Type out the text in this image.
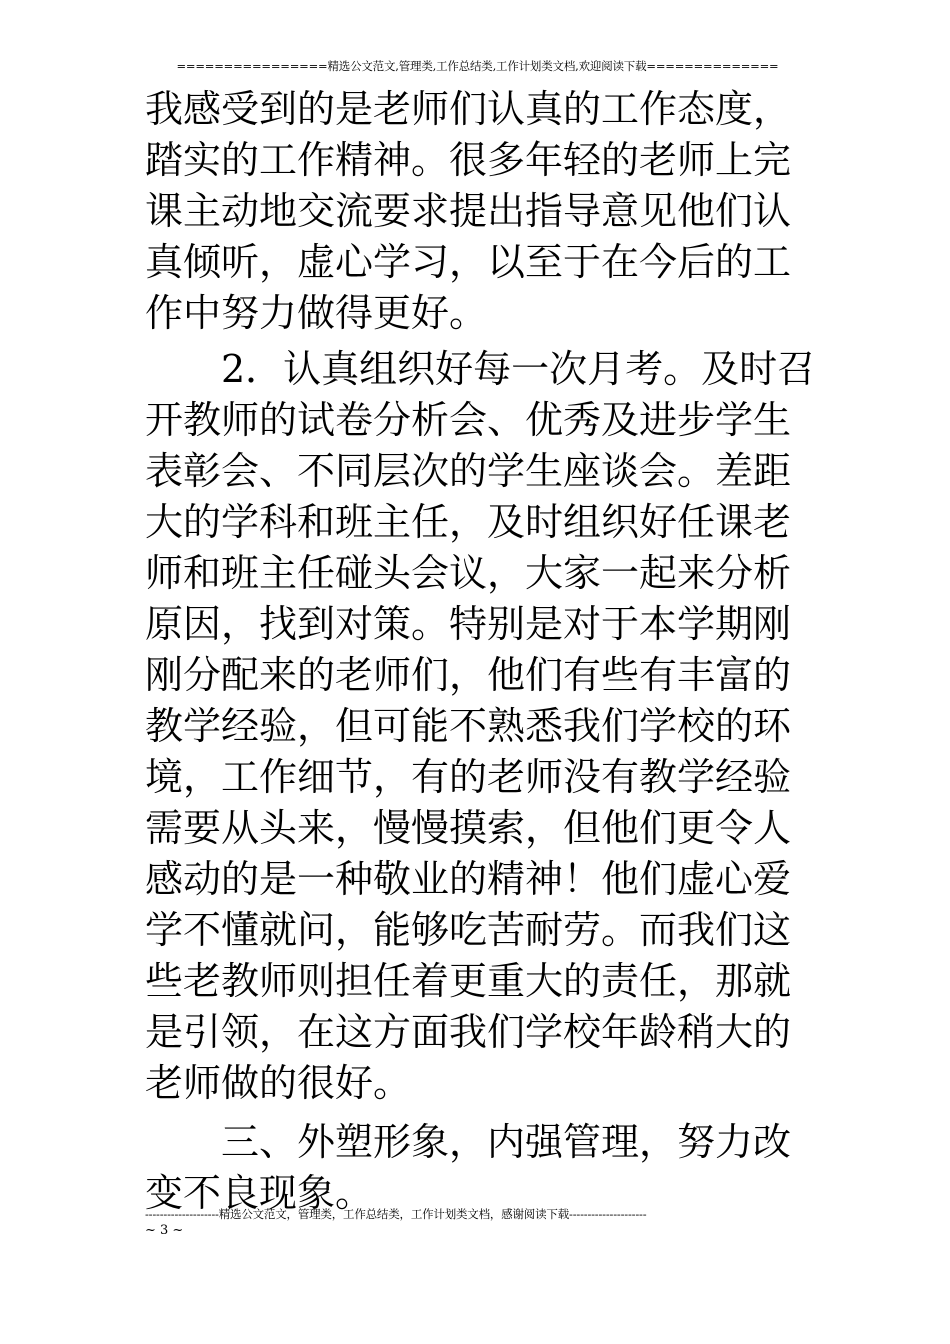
================精选公文范文,管理类,工作总结类,工作计划类文档,欢迎阅读下载==============
我感受到的是老师们认真的工作态度，
踏实的工作精神。很多年轻的老师上完
课主动地交流要求提出指导意见他们认
真倾听，虚心学习，以至于在今后的工
作中努力做得更好。
　　2．认真组织好每一次月考。及时召
开教师的试卷分析会、优秀及进步学生
表彰会、不同层次的学生座谈会。差距
大的学科和班主任，及时组织好任课老
师和班主任碰头会议，大家一起来分析
原因，找到对策。特别是对于本学期刚
刚分配来的老师们，他们有些有丰富的
教学经验，但可能不熟悉我们学校的环
境，工作细节，有的老师没有教学经验
需要从头来，慢慢摸索，但他们更令人
感动的是一种敬业的精神！他们虚心爱
学不懂就问，能够吃苦耐劳。而我们这
些老教师则担任着更重大的责任，那就
是引领，在这方面我们学校年龄稍大的
老师做的很好。
　　三、外塑形象，内强管理，努力改
变不良现象。
--------------------精选公文范文，管理类，工作总结类，工作计划类文档，感谢阅读下载---------------------
~ 3 ~
